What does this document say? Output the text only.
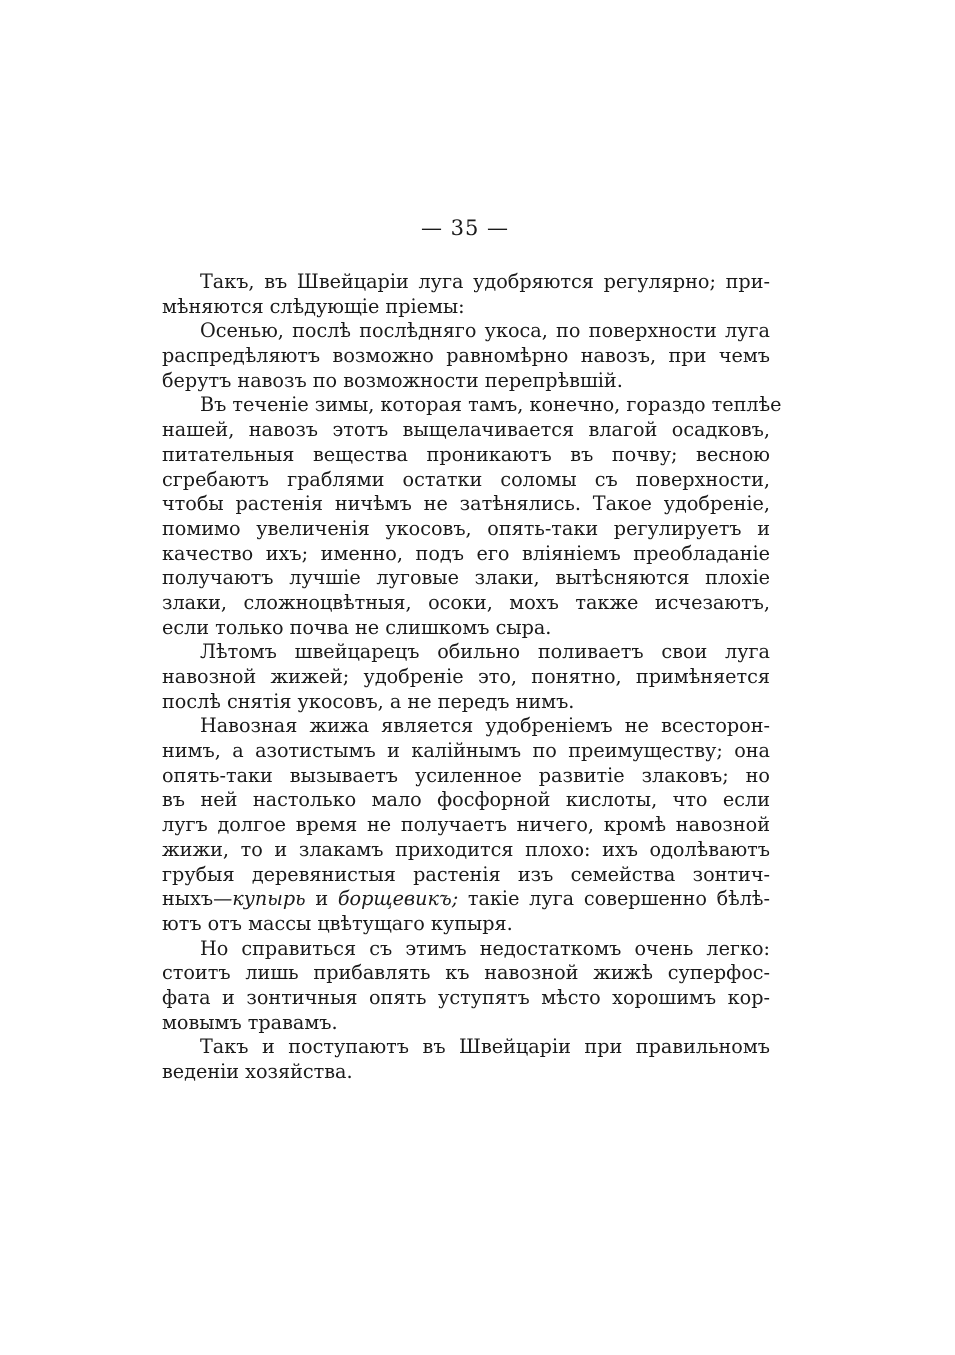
— 35 —
Такъ, въ Швейцаріи луга удобряются регулярно; при-
мѣняются слѣдующіе пріемы:
Осенью, послѣ послѣдняго укоса, по поверхности луга
распредѣляютъ возможно равномѣрно навозъ, при чемъ
берутъ навозъ по возможности перепрѣвшій.
Въ теченіе зимы, которая тамъ, конечно, гораздо теплѣе
нашей, навозъ этотъ выщелачивается влагой осадковъ,
питательныя вещества проникаютъ въ почву; весною
сгребаютъ граблями остатки соломы съ поверхности,
чтобы растенія ничѣмъ не затѣнялись. Такое удобреніе,
помимо увеличенія укосовъ, опять-таки регулируетъ и
качество ихъ; именно, подъ его вліяніемъ преобладаніе
получаютъ лучшіе луговые злаки, вытѣсняются плохіе
злаки, сложноцвѣтныя, осоки, мохъ также исчезаютъ,
если только почва не слишкомъ сыра.
Лѣтомъ швейцарецъ обильно поливаетъ свои луга
навозной жижей; удобреніе это, понятно, примѣняется
послѣ снятія укосовъ, а не передъ нимъ.
Навозная жижа является удобреніемъ не всесторон-
нимъ, а азотистымъ и калійнымъ по преимуществу; она
опять-таки вызываетъ усиленное развитіе злаковъ; но
въ ней настолько мало фосфорной кислоты, что если
лугъ долгое время не получаетъ ничего, кромѣ навозной
жижи, то и злакамъ приходится плохо: ихъ одолѣваютъ
грубыя деревянистыя растенія изъ семейства зонтич-
ныхъ—купырь и борщевикъ; такіе луга совершенно бѣлѣ-
ютъ отъ массы цвѣтущаго купыря.
Но справиться съ этимъ недостаткомъ очень легко:
стоитъ лишь прибавлять къ навозной жижѣ суперфос-
фата и зонтичныя опять уступятъ мѣсто хорошимъ кор-
мовымъ травамъ.
Такъ и поступаютъ въ Швейцаріи при правильномъ
веденіи хозяйства.
